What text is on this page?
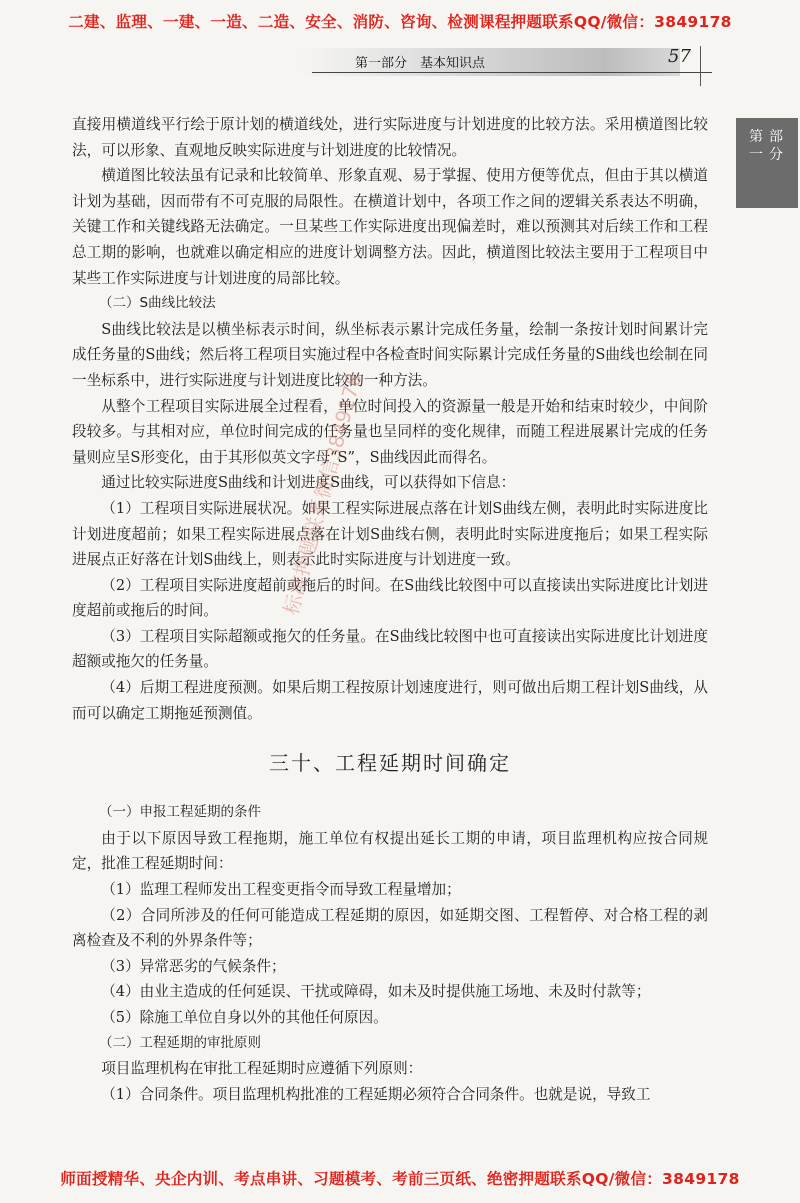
二建、监理、一建、一造、二造、安全、消防、咨询、检测课程押题联系QQ/微信：3849178
第一部分　基本知识点	57
第一
部分

直接用横道线平行绘于原计划的横道线处，进行实际进度与计划进度的比较方法。采用横道图比较法，可以形象、直观地反映实际进度与计划进度的比较情况。

横道图比较法虽有记录和比较简单、形象直观、易于掌握、使用方便等优点，但由于其以横道计划为基础，因而带有不可克服的局限性。在横道计划中，各项工作之间的逻辑关系表达不明确，关键工作和关键线路无法确定。一旦某些工作实际进度出现偏差时，难以预测其对后续工作和工程总工期的影响，也就难以确定相应的进度计划调整方法。因此，横道图比较法主要用于工程项目中某些工作实际进度与计划进度的局部比较。

（二）S曲线比较法

S曲线比较法是以横坐标表示时间，纵坐标表示累计完成任务量，绘制一条按计划时间累计完成任务量的S曲线；然后将工程项目实施过程中各检查时间实际累计完成任务量的S曲线也绘制在同一坐标系中，进行实际进度与计划进度比较的一种方法。

从整个工程项目实际进展全过程看，单位时间投入的资源量一般是开始和结束时较少，中间阶段较多。与其相对应，单位时间完成的任务量也呈同样的变化规律，而随工程进展累计完成的任务量则应呈S形变化，由于其形似英文字母“S”，S曲线因此而得名。

通过比较实际进度S曲线和计划进度S曲线，可以获得如下信息：

（1）工程项目实际进展状况。如果工程实际进展点落在计划S曲线左侧，表明此时实际进度比计划进度超前；如果工程实际进展点落在计划S曲线右侧，表明此时实际进度拖后；如果工程实际进展点正好落在计划S曲线上，则表示此时实际进度与计划进度一致。

（2）工程项目实际进度超前或拖后的时间。在S曲线比较图中可以直接读出实际进度比计划进度超前或拖后的时间。

（3）工程项目实际超额或拖欠的任务量。在S曲线比较图中也可直接读出实际进度比计划进度超额或拖欠的任务量。

（4）后期工程进度预测。如果后期工程按原计划速度进行，则可做出后期工程计划S曲线，从而可以确定工期拖延预测值。

三十、工程延期时间确定

（一）申报工程延期的条件

由于以下原因导致工程拖期，施工单位有权提出延长工期的申请，项目监理机构应按合同规定，批准工程延期时间：

（1）监理工程师发出工程变更指令而导致工程量增加；

（2）合同所涉及的任何可能造成工程延期的原因，如延期交图、工程暂停、对合格工程的剥离检查及不利的外界条件等；

（3）异常恶劣的气候条件；

（4）由业主造成的任何延误、干扰或障碍，如未及时提供施工场地、未及时付款等；

（5）除施工单位自身以外的其他任何原因。

（二）工程延期的审批原则

项目监理机构在审批工程延期时应遵循下列原则：

（1）合同条件。项目监理机构批准的工程延期必须符合合同条件。也就是说，导致工

标准押题联系微信3849178
师面授精华、央企内训、考点串讲、习题模考、考前三页纸、绝密押题联系QQ/微信：3849178
